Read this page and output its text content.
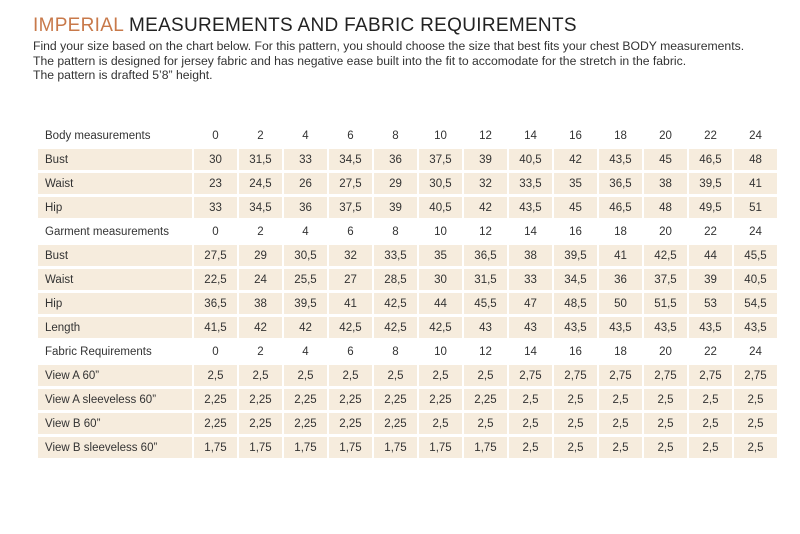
IMPERIAL MEASUREMENTS AND FABRIC REQUIREMENTS
Find your size based on the chart below. For this pattern, you should choose the size that best fits your chest BODY measurements.
The pattern is designed for jersey fabric and has negative ease built into the fit to accomodate for the stretch in the fabric.
The pattern is drafted 5’8” height.
Body measurements	0	2	4	6	8	10	12	14	16	18	20	22	24
Bust	30	31,5	33	34,5	36	37,5	39	40,5	42	43,5	45	46,5	48
Waist	23	24,5	26	27,5	29	30,5	32	33,5	35	36,5	38	39,5	41
Hip	33	34,5	36	37,5	39	40,5	42	43,5	45	46,5	48	49,5	51
Garment measurements	0	2	4	6	8	10	12	14	16	18	20	22	24
Bust	27,5	29	30,5	32	33,5	35	36,5	38	39,5	41	42,5	44	45,5
Waist	22,5	24	25,5	27	28,5	30	31,5	33	34,5	36	37,5	39	40,5
Hip	36,5	38	39,5	41	42,5	44	45,5	47	48,5	50	51,5	53	54,5
Length	41,5	42	42	42,5	42,5	42,5	43	43	43,5	43,5	43,5	43,5	43,5
Fabric Requirements	0	2	4	6	8	10	12	14	16	18	20	22	24
View A 60”	2,5	2,5	2,5	2,5	2,5	2,5	2,5	2,75	2,75	2,75	2,75	2,75	2,75
View A sleeveless 60”	2,25	2,25	2,25	2,25	2,25	2,25	2,25	2,5	2,5	2,5	2,5	2,5	2,5
View B 60”	2,25	2,25	2,25	2,25	2,25	2,5	2,5	2,5	2,5	2,5	2,5	2,5	2,5
View B sleeveless 60”	1,75	1,75	1,75	1,75	1,75	1,75	1,75	2,5	2,5	2,5	2,5	2,5	2,5
